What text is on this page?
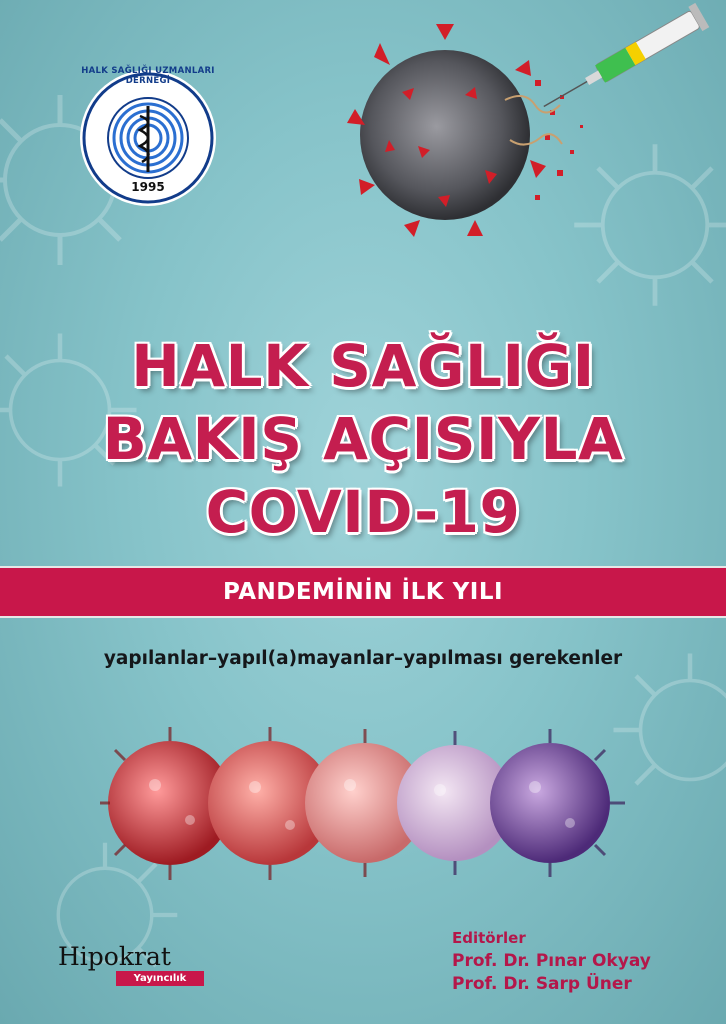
HALK SAĞLIĞI UZMANLARI DERNEĞİ
1995
HALK SAĞLIĞI
BAKIŞ AÇISIYLA
COVID-19
PANDEMİNİN İLK YILI
yapılanlar–yapıl(a)mayanlar–yapılması gerekenler
Hipokrat
Yayıncılık
Editörler
Prof. Dr. Pınar Okyay
Prof. Dr. Sarp Üner
